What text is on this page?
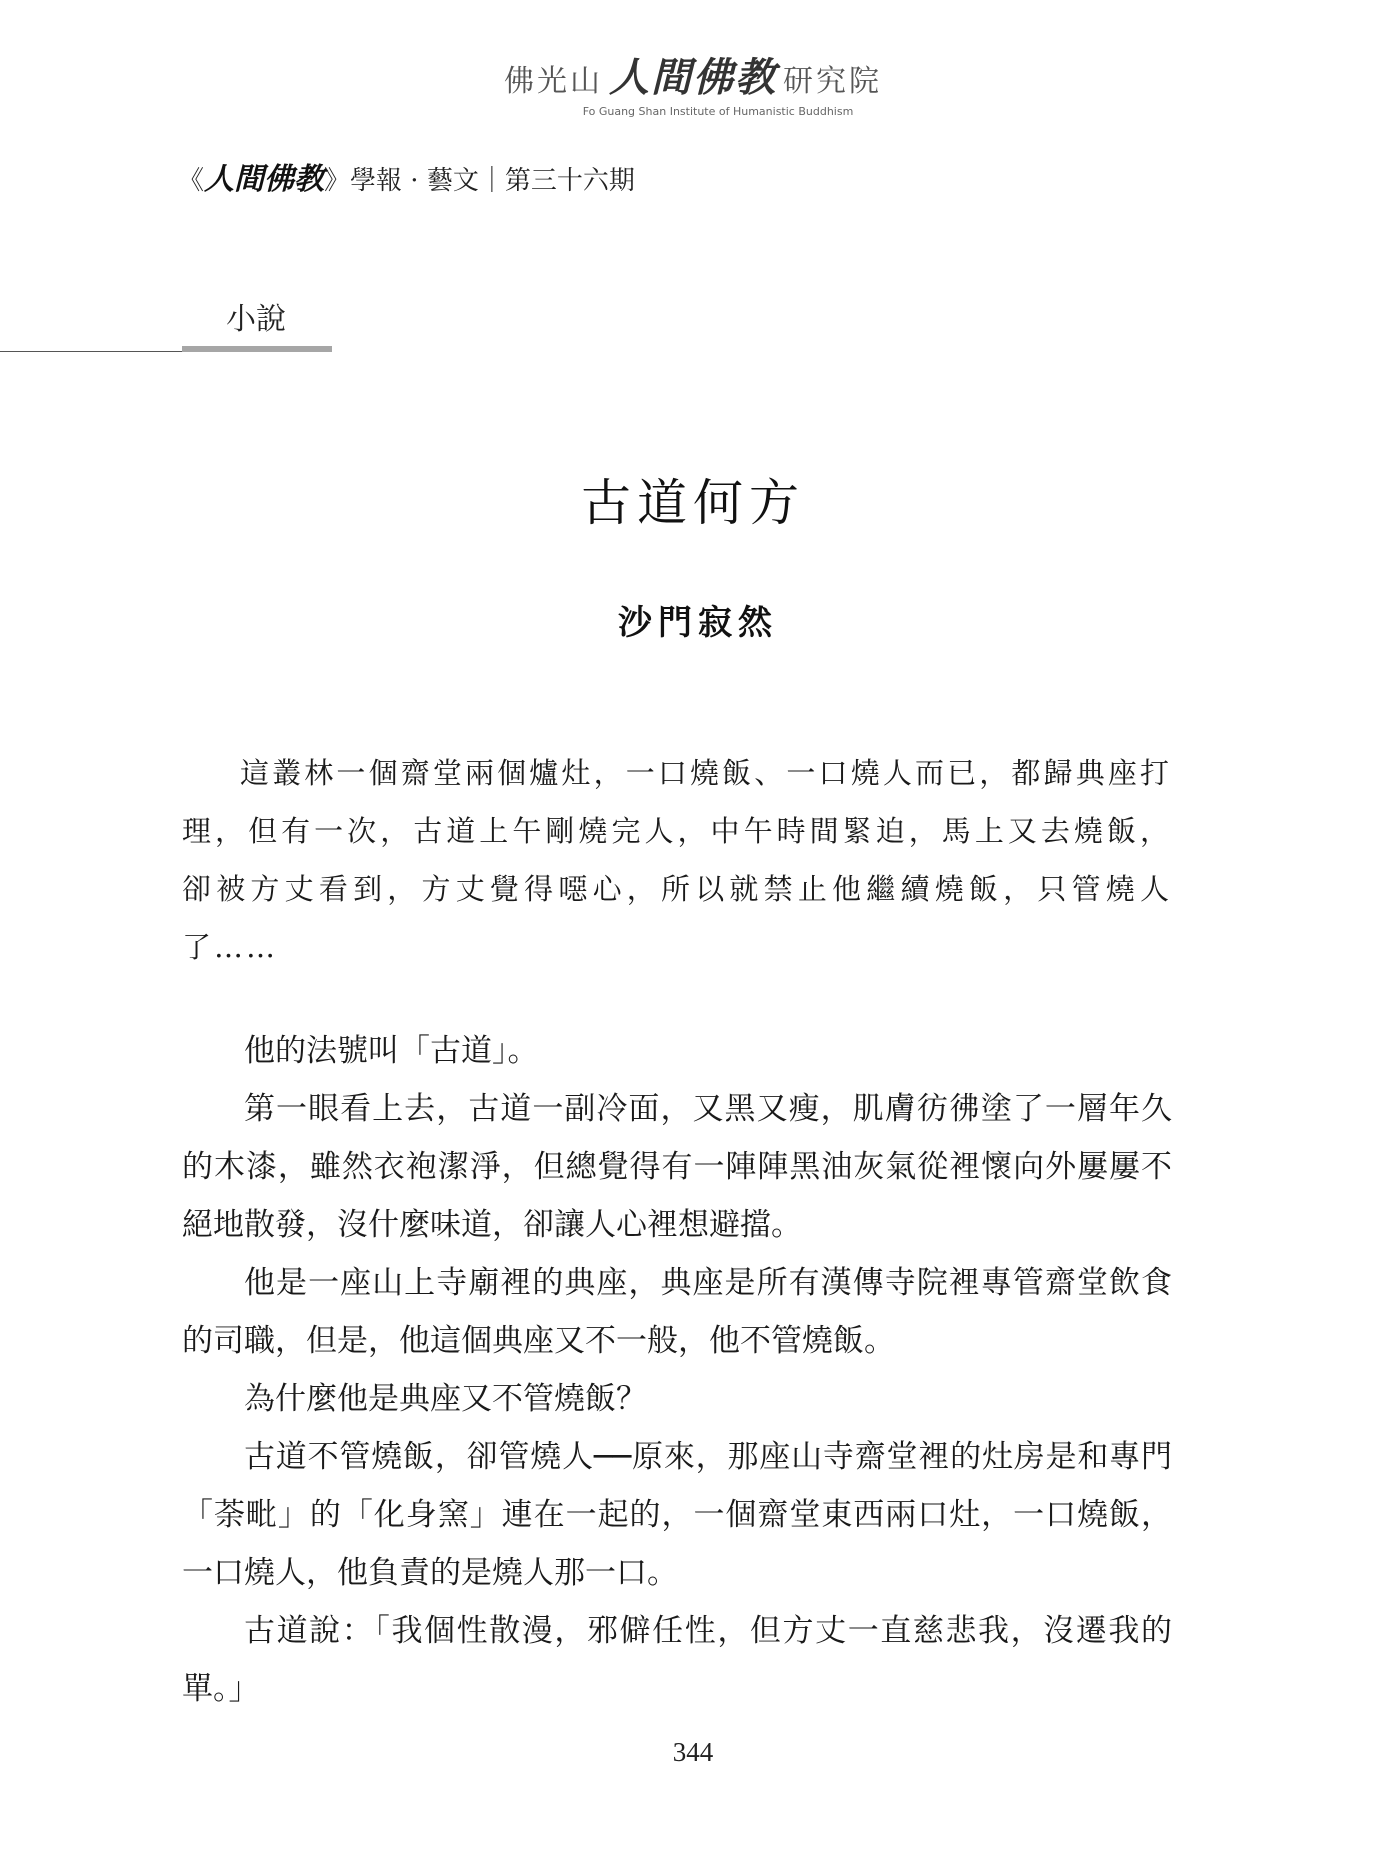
佛光山 人間佛教 研究院
Fo Guang Shan Institute of Humanistic Buddhism
《人間佛教》學報 · 藝文｜第三十六期
小說
古道何方
沙門寂然

這叢林一個齋堂兩個爐灶，一口燒飯、一口燒人而已，都歸典座打理，但有一次，古道上午剛燒完人，中午時間緊迫，馬上又去燒飯，卻被方丈看到，方丈覺得噁心，所以就禁止他繼續燒飯，只管燒人了……

他的法號叫「古道」。

第一眼看上去，古道一副冷面，又黑又瘦，肌膚彷彿塗了一層年久的木漆，雖然衣袍潔淨，但總覺得有一陣陣黑油灰氣從裡懷向外屢屢不絕地散發，沒什麼味道，卻讓人心裡想避擋。

他是一座山上寺廟裡的典座，典座是所有漢傳寺院裡專管齋堂飲食的司職，但是，他這個典座又不一般，他不管燒飯。

為什麼他是典座又不管燒飯？

古道不管燒飯，卻管燒人──原來，那座山寺齋堂裡的灶房是和專門「荼毗」的「化身窯」連在一起的，一個齋堂東西兩口灶，一口燒飯，一口燒人，他負責的是燒人那一口。

古道說：「我個性散漫，邪僻任性，但方丈一直慈悲我，沒遷我的單。」

344
